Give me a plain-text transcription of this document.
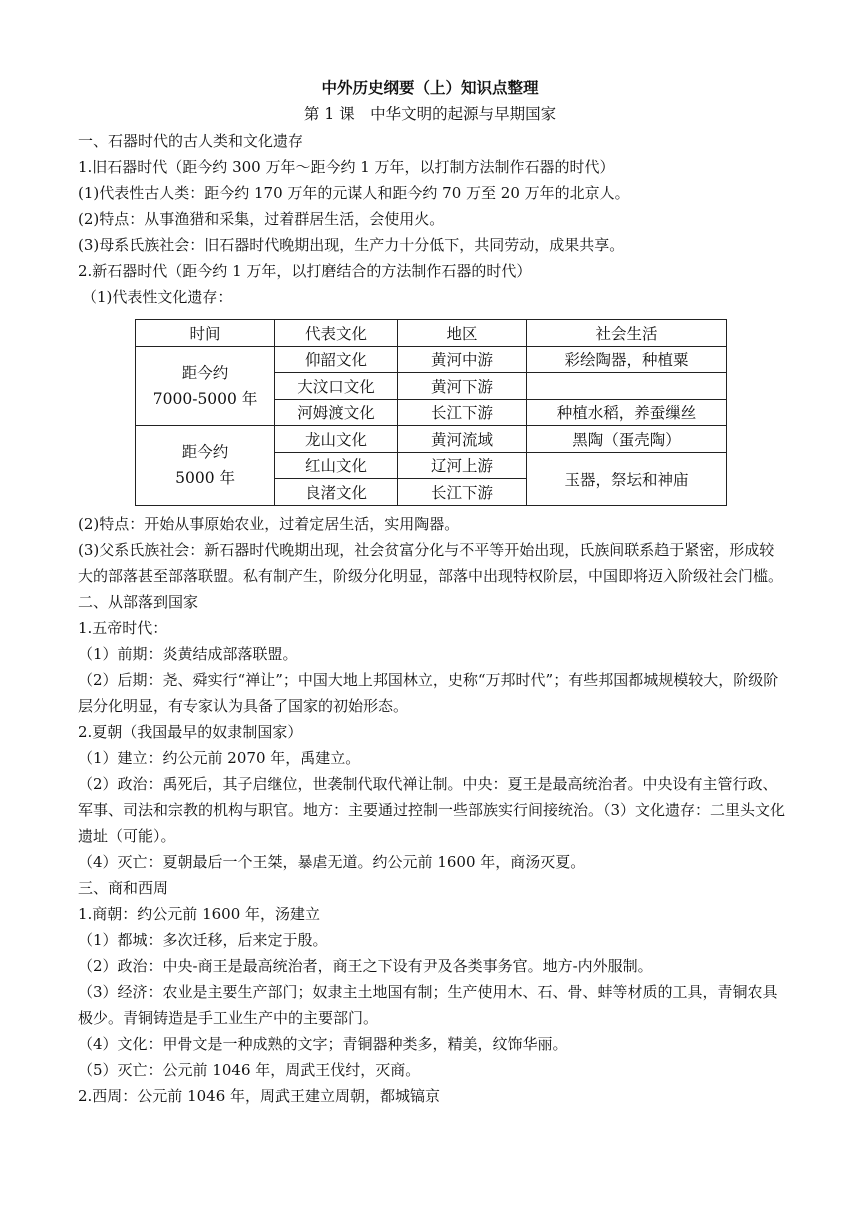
中外历史纲要（上）知识点整理
第 1 课　中华文明的起源与早期国家
一、石器时代的古人类和文化遗存
1.旧石器时代（距今约 300 万年～距今约 1 万年，以打制方法制作石器的时代）
(1)代表性古人类：距今约 170 万年的元谋人和距今约 70 万至 20 万年的北京人。
(2)特点：从事渔猎和采集，过着群居生活，会使用火。
(3)母系氏族社会：旧石器时代晚期出现，生产力十分低下，共同劳动，成果共享。
2.新石器时代（距今约 1 万年，以打磨结合的方法制作石器的时代）
（1)代表性文化遗存：
时间	代表文化	地区	社会生活

距今约
7000-5000 年	仰韶文化	黄河中游	彩绘陶器，种植粟
	大汶口文化	黄河下游	
	河姆渡文化	长江下游	种植水稻，养蚕缫丝

距今约
5000 年	龙山文化	黄河流域	黑陶（蛋壳陶）
	红山文化	辽河上游	玉器，祭坛和神庙
	良渚文化	长江下游	
(2)特点：开始从事原始农业，过着定居生活，实用陶器。
(3)父系氏族社会：新石器时代晚期出现，社会贫富分化与不平等开始出现，氏族间联系趋于紧密，形成较大的部落甚至部落联盟。私有制产生，阶级分化明显，部落中出现特权阶层，中国即将迈入阶级社会门槛。
二、从部落到国家
1.五帝时代：
（1）前期：炎黄结成部落联盟。
（2）后期：尧、舜实行“禅让”；中国大地上邦国林立，史称“万邦时代”；有些邦国都城规模较大，阶级阶层分化明显，有专家认为具备了国家的初始形态。
2.夏朝（我国最早的奴隶制国家）
（1）建立：约公元前 2070 年，禹建立。
（2）政治：禹死后，其子启继位，世袭制代取代禅让制。中央：夏王是最高统治者。中央设有主管行政、军事、司法和宗教的机构与职官。地方：主要通过控制一些部族实行间接统治。（3）文化遗存：二里头文化遗址（可能）。
（4）灭亡：夏朝最后一个王桀，暴虐无道。约公元前 1600 年，商汤灭夏。
三、商和西周
1.商朝：约公元前 1600 年，汤建立
（1）都城：多次迁移，后来定于殷。
（2）政治：中央-商王是最高统治者，商王之下设有尹及各类事务官。地方-内外服制。
（3）经济：农业是主要生产部门；奴隶主土地国有制；生产使用木、石、骨、蚌等材质的工具，青铜农具极少。青铜铸造是手工业生产中的主要部门。
（4）文化：甲骨文是一种成熟的文字；青铜器种类多，精美，纹饰华丽。
（5）灭亡：公元前 1046 年，周武王伐纣，灭商。
2.西周：公元前 1046 年，周武王建立周朝，都城镐京
